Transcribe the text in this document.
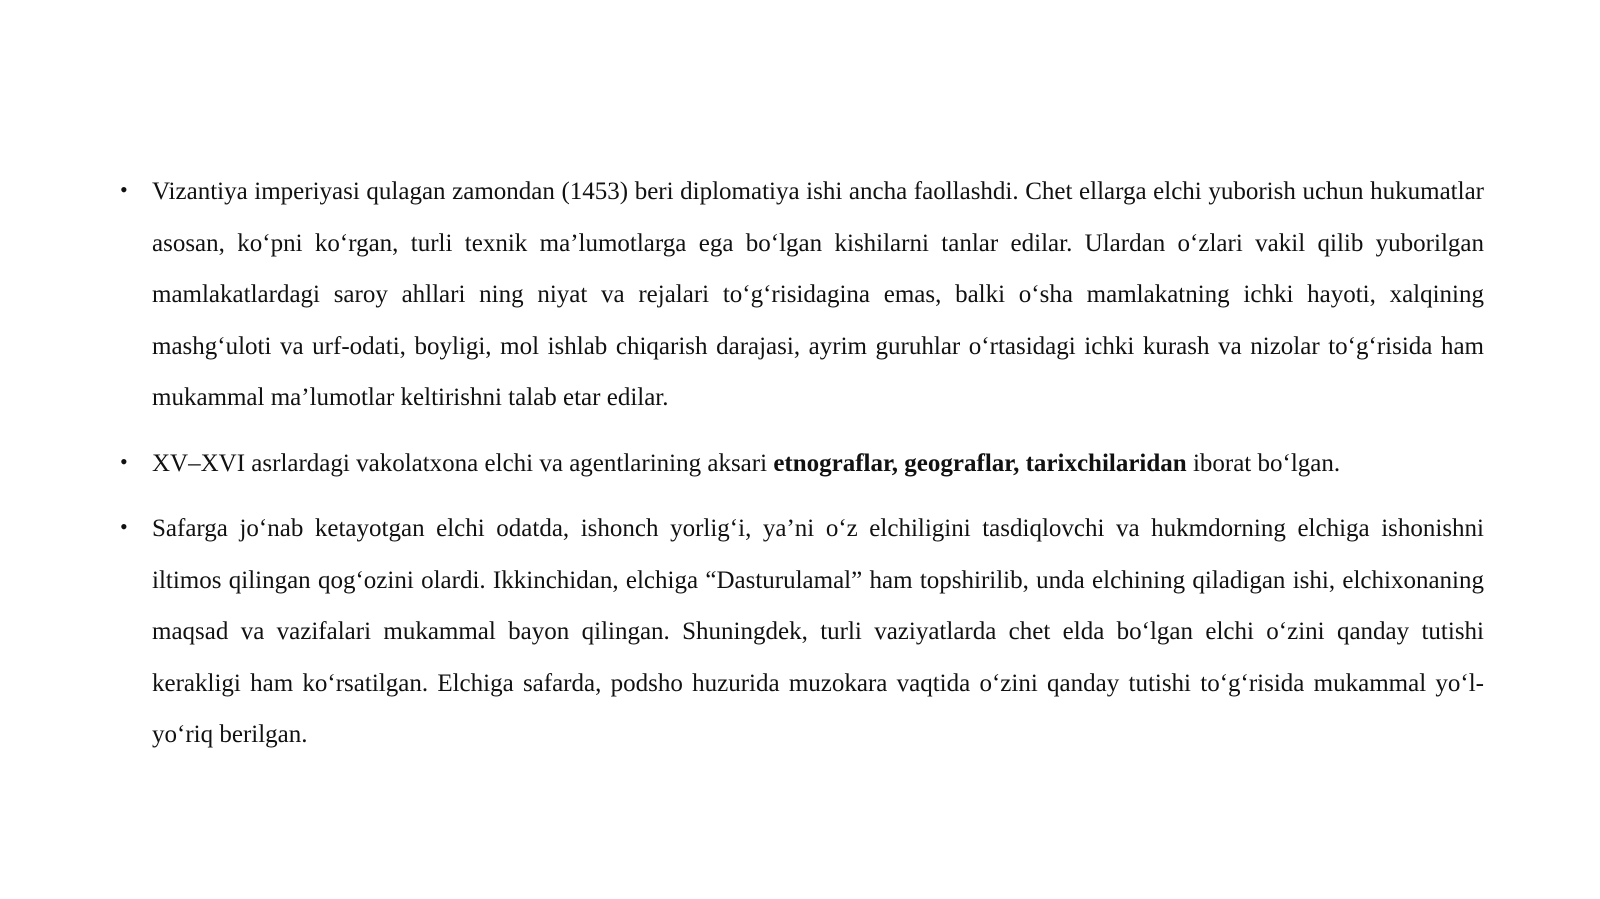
• Vizantiya imperiyasi qulagan zamondan (1453) beri diplomatiya ishi ancha faollashdi. Chet ellarga elchi yuborish uchun hukumatlar asosan, ko‘pni ko‘rgan, turli texnik ma’lumotlarga ega bo‘lgan kishilarni tanlar edilar. Ulardan o‘zlari vakil qilib yuborilgan mamlakatlardagi saroy ahllari ning niyat va rejalari to‘g‘risidagina emas, balki o‘sha mamlakatning ichki hayoti, xalqining mashg‘uloti va urf-odati, boyligi, mol ishlab chiqarish darajasi, ayrim guruhlar o‘rtasidagi ichki kurash va nizolar to‘g‘risida ham mukammal ma’lumotlar keltirishni talab etar edilar.
• XV–XVI asrlardagi vakolatxona elchi va agentlarining aksari etnograflar, geograflar, tarixchilaridan iborat bo‘lgan.
• Safarga jo‘nab ketayotgan elchi odatda, ishonch yorlig‘i, ya’ni o‘z elchiligini tasdiqlovchi va hukmdorning elchiga ishonishni iltimos qilingan qog‘ozini olardi. Ikkinchidan, elchiga “Dasturulamal” ham topshirilib, unda elchining qiladigan ishi, elchixonaning maqsad va vazifalari mukammal bayon qilingan. Shuningdek, turli vaziyatlarda chet elda bo‘lgan elchi o‘zini qanday tutishi kerakligi ham ko‘rsatilgan. Elchiga safarda, podsho huzurida muzokara vaqtida o‘zini qanday tutishi to‘g‘risida mukammal yo‘l-yo‘riq berilgan.
